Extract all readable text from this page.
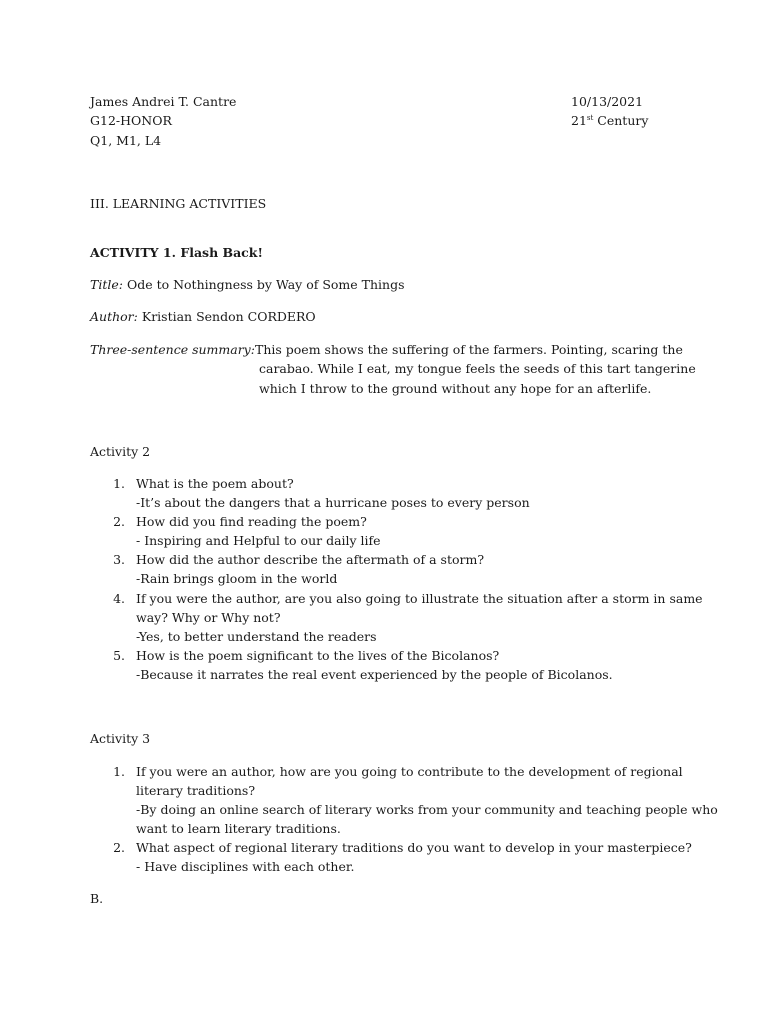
James Andrei T. Cantre
G12-HONOR
Q1, M1, L4
10/13/2021
21st Century
III. LEARNING ACTIVITIES
ACTIVITY 1. Flash Back!
Title: Ode to Nothingness by Way of Some Things
Author: Kristian Sendon CORDERO
Three-sentence summary: This poem shows the suffering of the farmers. Pointing, scaring the
carabao. While I eat, my tongue feels the seeds of this tart tangerine
which I throw to the ground without any hope for an afterlife.
Activity 2
1. What is the poem about?
-It’s about the dangers that a hurricane poses to every person
2. How did you find reading the poem?
- Inspiring and Helpful to our daily life
3. How did the author describe the aftermath of a storm?
-Rain brings gloom in the world
4. If you were the author, are you also going to illustrate the situation after a storm in same
way? Why or Why not?
-Yes, to better understand the readers
5. How is the poem significant to the lives of the Bicolanos?
-Because it narrates the real event experienced by the people of Bicolanos.
Activity 3
1. If you were an author, how are you going to contribute to the development of regional
literary traditions?
-By doing an online search of literary works from your community and teaching people who
want to learn literary traditions.
2. What aspect of regional literary traditions do you want to develop in your masterpiece?
- Have disciplines with each other.
B.
